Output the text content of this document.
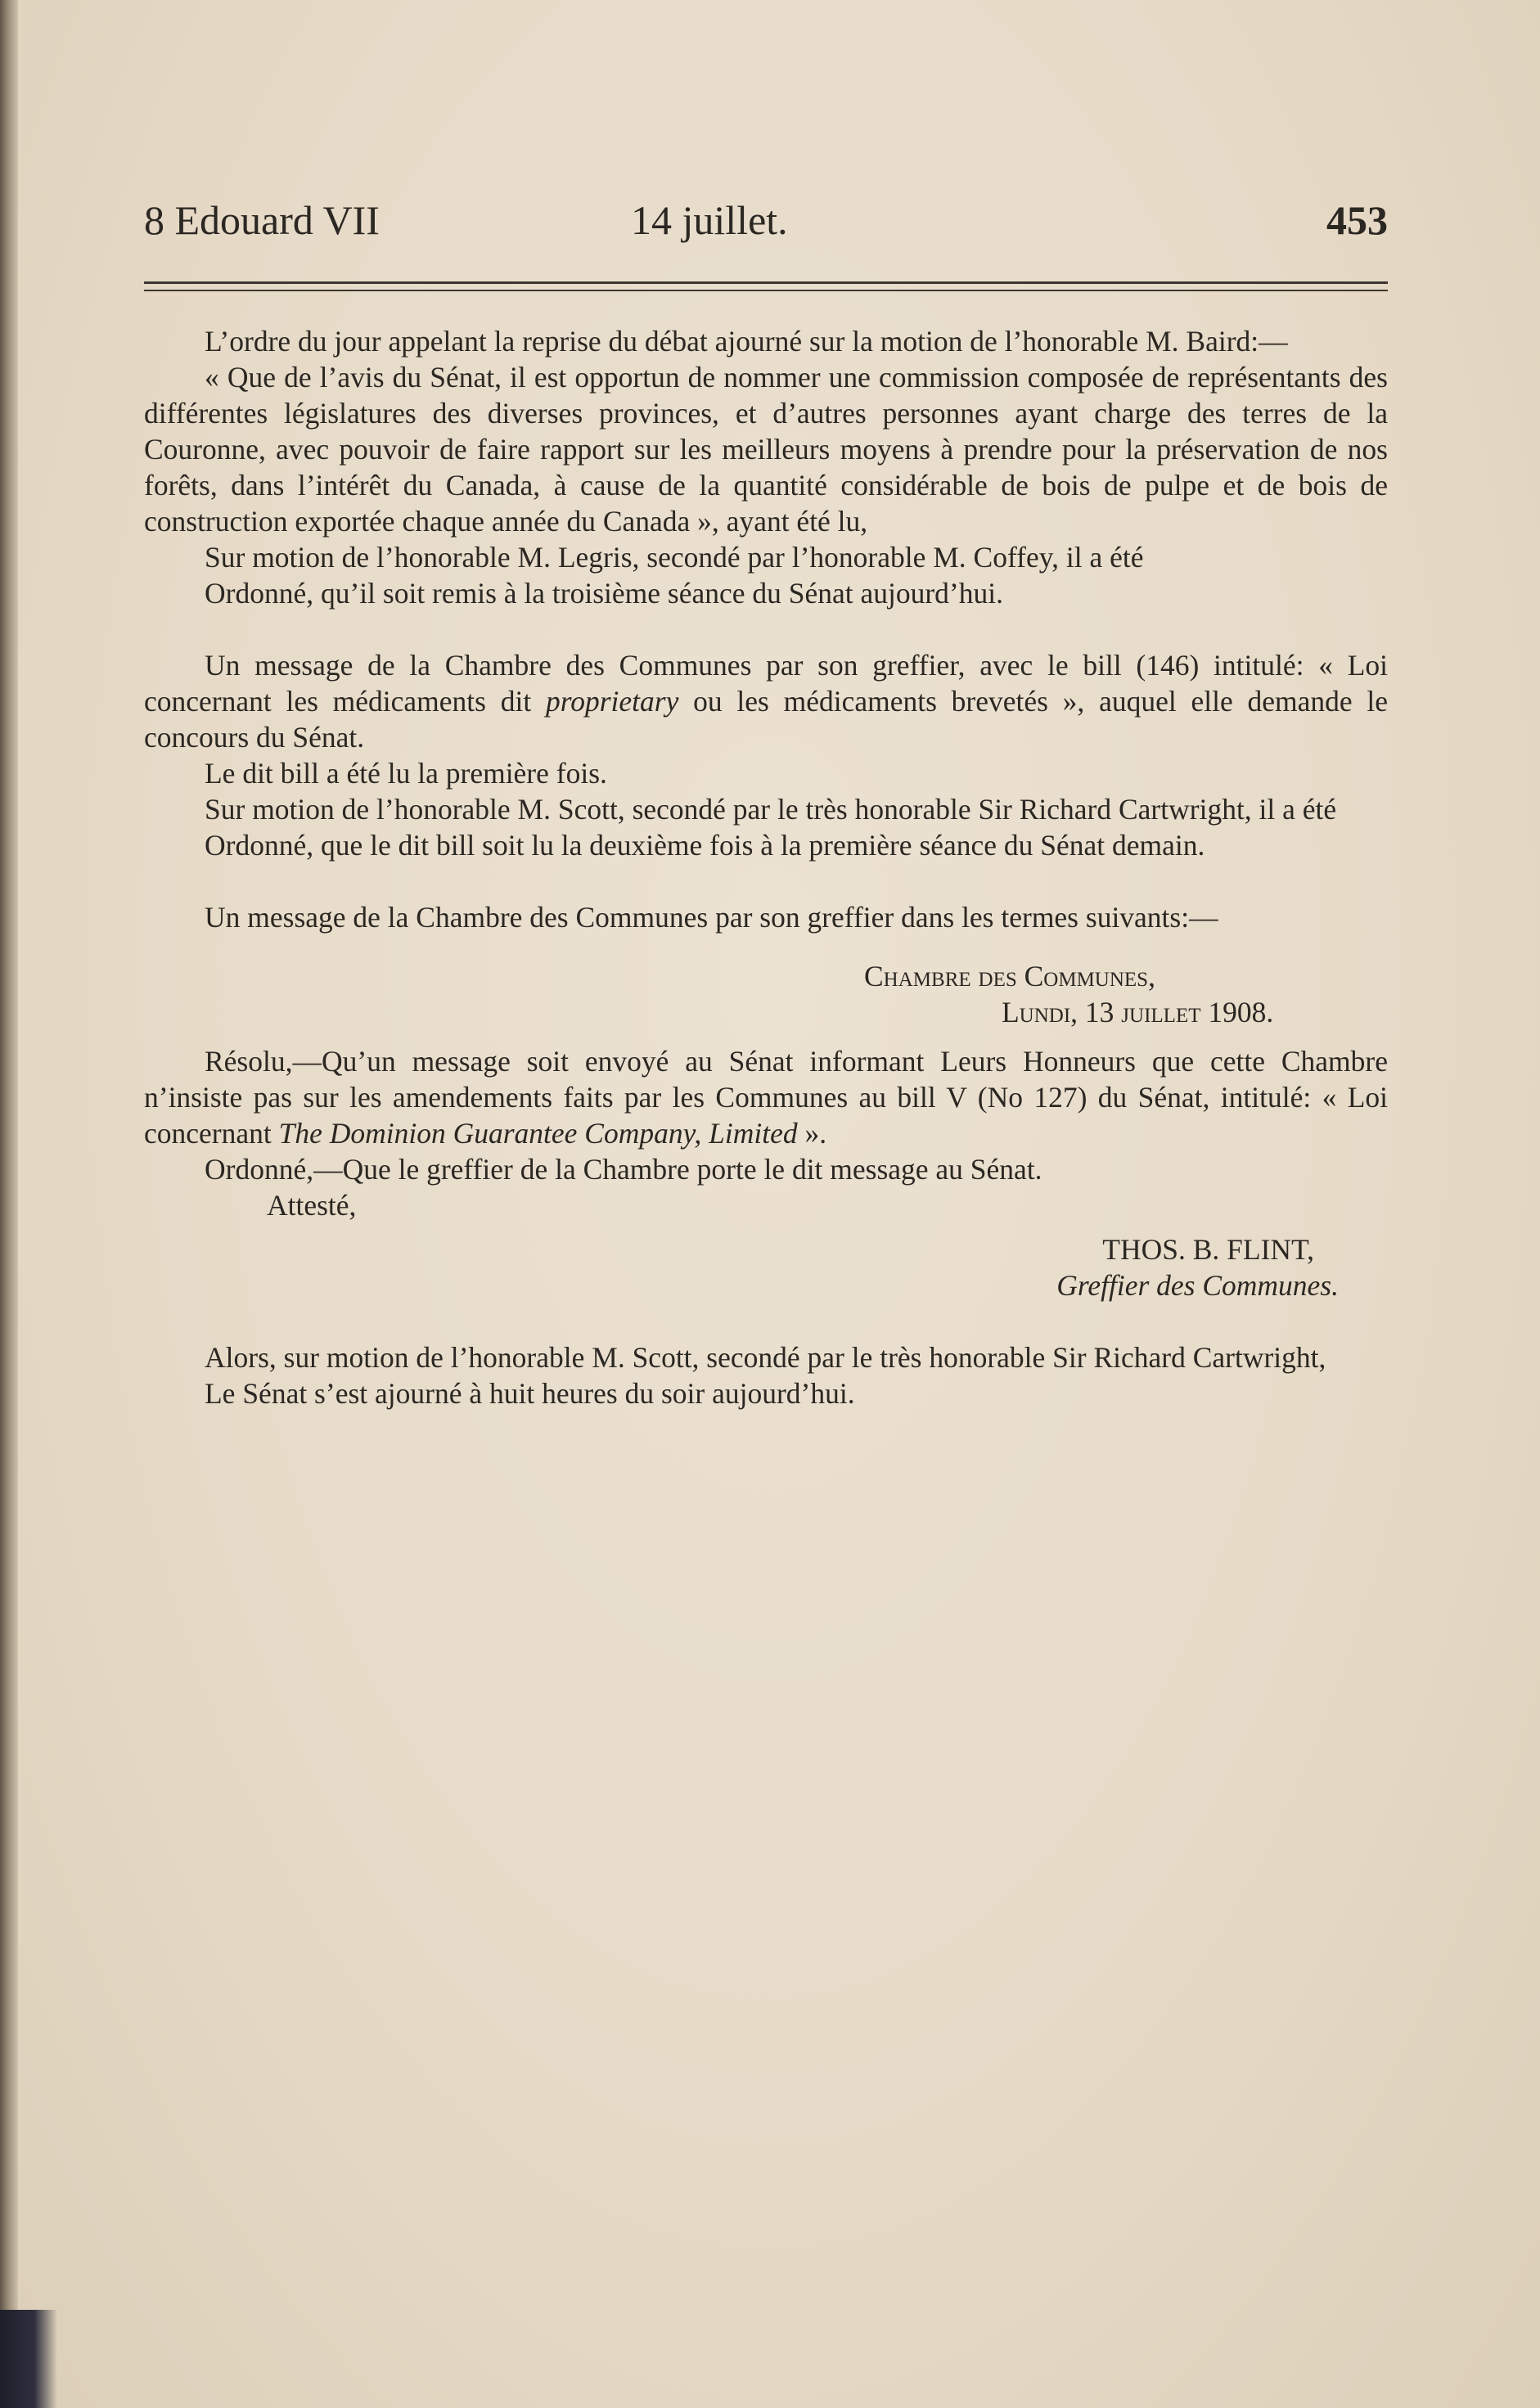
8 Edouard VII	14 juillet.	453

L’ordre du jour appelant la reprise du débat ajourné sur la motion de l’honorable M. Baird:—

« Que de l’avis du Sénat, il est opportun de nommer une commission composée de représentants des différentes législatures des diverses provinces, et d’autres personnes ayant charge des terres de la Couronne, avec pouvoir de faire rapport sur les meilleurs moyens à prendre pour la préservation de nos forêts, dans l’intérêt du Canada, à cause de la quantité considérable de bois de pulpe et de bois de construction exportée chaque année du Canada », ayant été lu,

Sur motion de l’honorable M. Legris, secondé par l’honorable M. Coffey, il a été

Ordonné, qu’il soit remis à la troisième séance du Sénat aujourd’hui.

Un message de la Chambre des Communes par son greffier, avec le bill (146) intitulé: « Loi concernant les médicaments dit proprietary ou les médicaments brevetés », auquel elle demande le concours du Sénat.

Le dit bill a été lu la première fois.

Sur motion de l’honorable M. Scott, secondé par le très honorable Sir Richard Cartwright, il a été

Ordonné, que le dit bill soit lu la deuxième fois à la première séance du Sénat demain.

Un message de la Chambre des Communes par son greffier dans les termes suivants:—

Chambre des Communes,

Lundi, 13 juillet 1908.

Résolu,—Qu’un message soit envoyé au Sénat informant Leurs Honneurs que cette Chambre n’insiste pas sur les amendements faits par les Communes au bill V (No 127) du Sénat, intitulé: « Loi concernant The Dominion Guarantee Company, Limited ».

Ordonné,—Que le greffier de la Chambre porte le dit message au Sénat.

Attesté,

THOS. B. FLINT,

Greffier des Communes.

Alors, sur motion de l’honorable M. Scott, secondé par le très honorable Sir Richard Cartwright,

Le Sénat s’est ajourné à huit heures du soir aujourd’hui.
